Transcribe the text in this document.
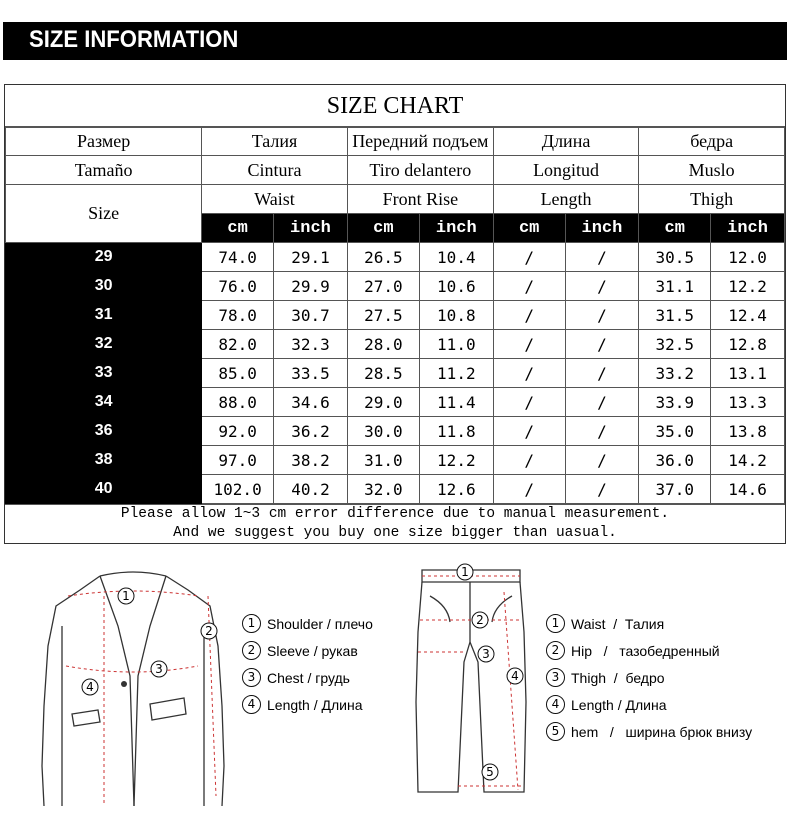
SIZE INFORMATION
SIZE CHART
Размер	Талия		Передний подъем		Длина		бедра	
Tamaño	Cintura		Tiro delantero		Longitud		Muslo	
Size	Waist		Front Rise		Length		Thigh	
	cm	inch	cm	inch	cm	inch	cm	inch
29	74.0	29.1	26.5	10.4	/	/	30.5	12.0
30	76.0	29.9	27.0	10.6	/	/	31.1	12.2
31	78.0	30.7	27.5	10.8	/	/	31.5	12.4
32	82.0	32.3	28.0	11.0	/	/	32.5	12.8
33	85.0	33.5	28.5	11.2	/	/	33.2	13.1
34	88.0	34.6	29.0	11.4	/	/	33.9	13.3
36	92.0	36.2	30.0	11.8	/	/	35.0	13.8
38	97.0	38.2	31.0	12.2	/	/	36.0	14.2
40	102.0	40.2	32.0	12.6	/	/	37.0	14.6
Please allow 1~3 cm error difference due to manual measurement.
And we suggest you buy one size bigger than uasual.
1
2
3
4
1 Shoulder / плечо
2 Sleeve / рукав
3 Chest / грудь
4 Length / Длина
1
2
3
4
5
1 Waist  /  Талия
2 Hip   /   тазобедренный
3 Thigh  /  бедро
4 Length / Длина
5 hem   /   ширина брюк внизу
